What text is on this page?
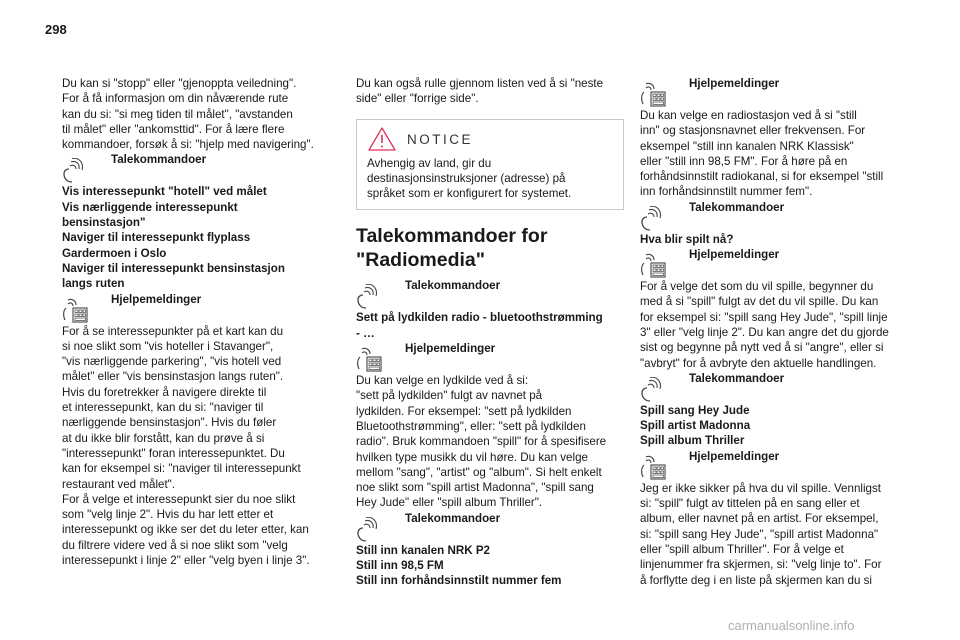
298

Du kan si "stopp" eller "gjenoppta veiledning".

For å få informasjon om din nåværende rute

kan du si: "si meg tiden til målet", "avstanden

til målet" eller "ankomsttid". For å lære flere

kommandoer, forsøk å si: "hjelp med navigering".

Talekommandoer

Vis interessepunkt "hotell" ved målet

Vis nærliggende interessepunkt

bensinstasjon"

Naviger til interessepunkt flyplass

Gardermoen i Oslo

Naviger til interessepunkt bensinstasjon

langs ruten

Hjelpemeldinger

For å se interessepunkter på et kart kan du

si noe slikt som "vis hoteller i Stavanger",

"vis nærliggende parkering", "vis hotell ved

målet" eller "vis bensinstasjon langs ruten".

Hvis du foretrekker å navigere direkte til

et interessepunkt, kan du si: "naviger til

nærliggende bensinstasjon". Hvis du føler

at du ikke blir forstått, kan du prøve å si

"interessepunkt" foran interessepunktet. Du

kan for eksempel si: "naviger til interessepunkt

restaurant ved målet".

For å velge et interessepunkt sier du noe slikt

som "velg linje 2". Hvis du har lett etter et

interessepunkt og ikke ser det du leter etter, kan

du filtrere videre ved å si noe slikt som "velg

interessepunkt i linje 2" eller "velg byen i linje 3".

Du kan også rulle gjennom listen ved å si "neste

side" eller "forrige side".

NOTICE

Avhengig av land, gir du

destinasjonsinstruksjoner (adresse) på

språket som er konfigurert for systemet.

Talekommandoer for
"Radiomedia"
Talekommandoer

Sett på lydkilden radio - bluetoothstrømming

- …

Hjelpemeldinger

Du kan velge en lydkilde ved å si:

"sett på lydkilden" fulgt av navnet på

lydkilden. For eksempel: "sett på lydkilden

Bluetoothstrømming", eller: "sett på lydkilden

radio". Bruk kommandoen "spill" for å spesifisere

hvilken type musikk du vil høre. Du kan velge

mellom "sang", "artist" og "album". Si helt enkelt

noe slikt som "spill artist Madonna", "spill sang

Hey Jude" eller "spill album Thriller".

Talekommandoer

Still inn kanalen NRK P2

Still inn 98,5 FM

Still inn forhåndsinnstilt nummer fem

Hjelpemeldinger

Du kan velge en radiostasjon ved å si "still

inn" og stasjonsnavnet eller frekvensen. For

eksempel "still inn kanalen NRK Klassisk"

eller "still inn 98,5 FM". For å høre på en

forhåndsinnstilt radiokanal, si for eksempel "still

inn forhåndsinnstilt nummer fem".

Talekommandoer

Hva blir spilt nå?

Hjelpemeldinger

For å velge det som du vil spille, begynner du

med å si "spill" fulgt av det du vil spille. Du kan

for eksempel si: "spill sang Hey Jude", "spill linje

3" eller "velg linje 2". Du kan angre det du gjorde

sist og begynne på nytt ved å si "angre", eller si

"avbryt" for å avbryte den aktuelle handlingen.

Talekommandoer

Spill sang Hey Jude

Spill artist Madonna

Spill album Thriller

Hjelpemeldinger

Jeg er ikke sikker på hva du vil spille. Vennligst

si: "spill" fulgt av tittelen på en sang eller et

album, eller navnet på en artist. For eksempel,

si: "spill sang Hey Jude", "spill artist Madonna"

eller "spill album Thriller". For å velge et

linjenummer fra skjermen, si: "velg linje to". For

å forflytte deg i en liste på skjermen kan du si

carmanualsonline.info
